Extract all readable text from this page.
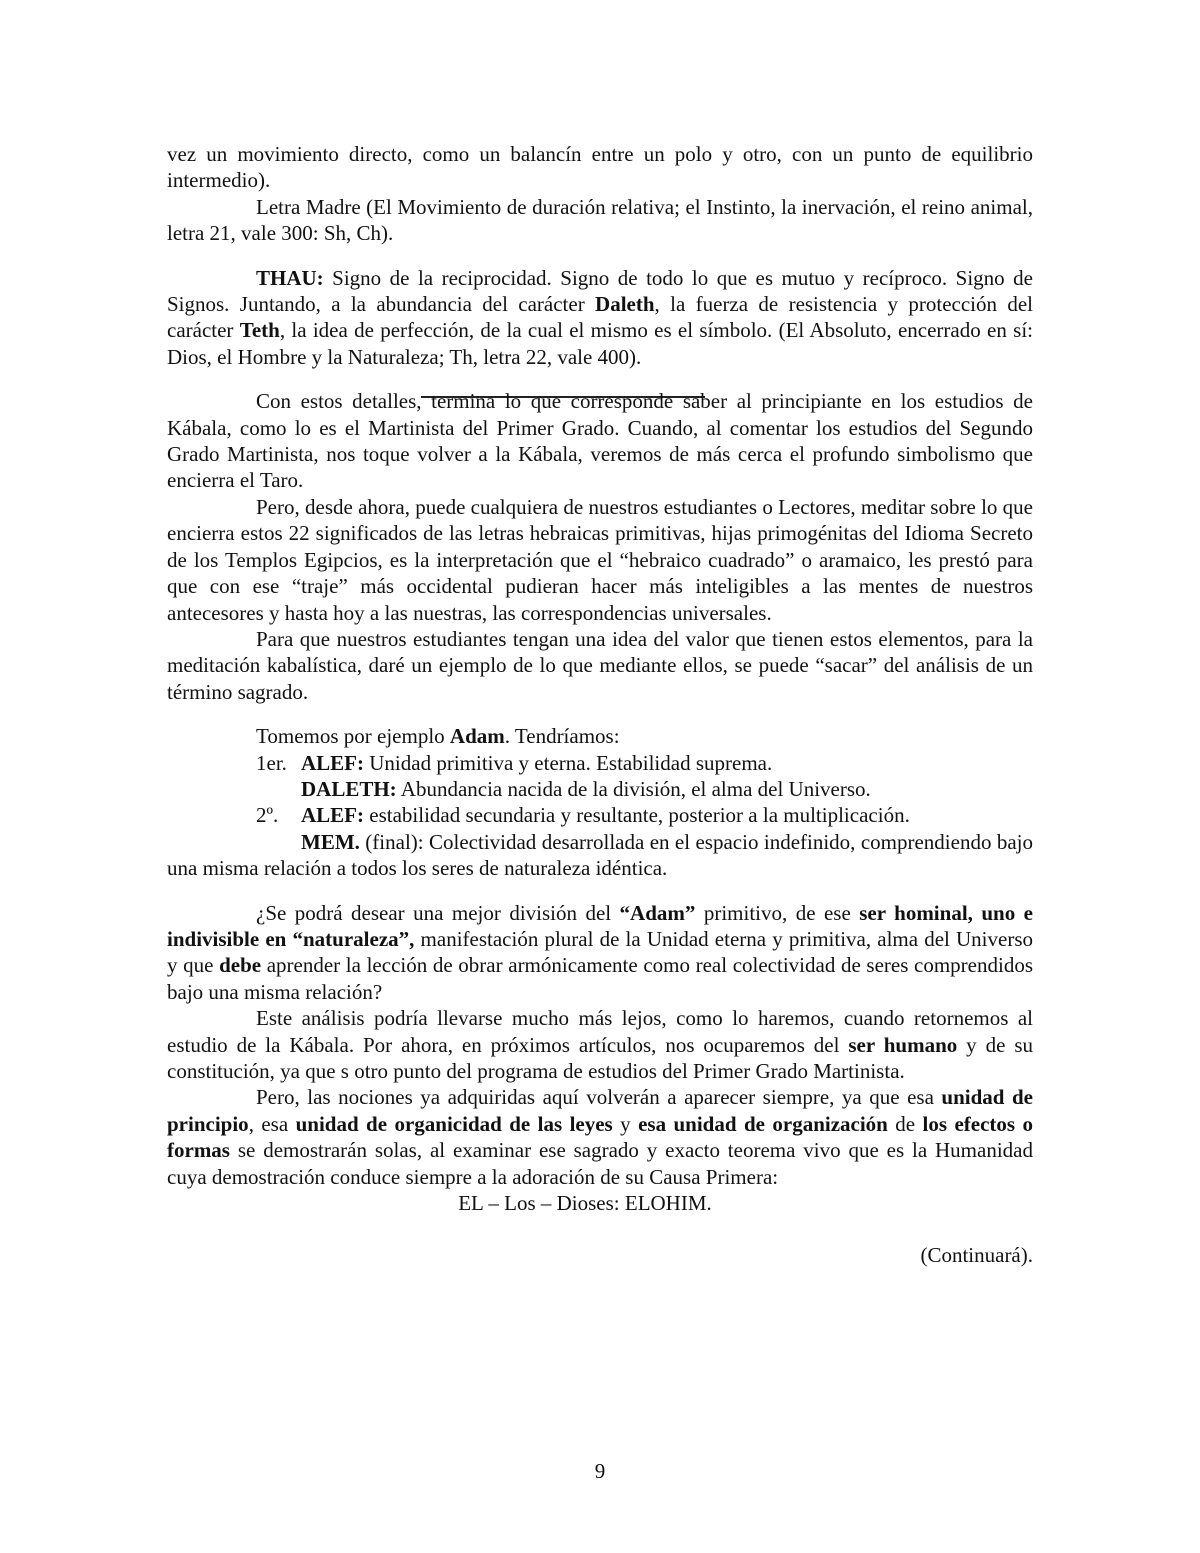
vez un movimiento directo, como un balancín entre un polo y otro, con un punto de equilibrio intermedio).

Letra Madre (El Movimiento de duración relativa; el Instinto, la inervación, el reino animal, letra 21, vale 300: Sh, Ch).

THAU: Signo de la reciprocidad. Signo de todo lo que es mutuo y recíproco. Signo de Signos. Juntando, a la abundancia del carácter Daleth, la fuerza de resistencia y protección del carácter Teth, la idea de perfección, de la cual el mismo es el símbolo. (El Absoluto, encerrado en sí: Dios, el Hombre y la Naturaleza; Th, letra 22, vale 400).

Con estos detalles, termina lo que corresponde saber al principiante en los estudios de Kábala, como lo es el Martinista del Primer Grado. Cuando, al comentar los estudios del Segundo Grado Martinista, nos toque volver a la Kábala, veremos de más cerca el profundo simbolismo que encierra el Taro.

Pero, desde ahora, puede cualquiera de nuestros estudiantes o Lectores, meditar sobre lo que encierra estos 22 significados de las letras hebraicas primitivas, hijas primogénitas del Idioma Secreto de los Templos Egipcios, es la interpretación que el “hebraico cuadrado” o aramaico, les prestó para que con ese “traje” más occidental pudieran hacer más inteligibles a las mentes de nuestros antecesores y hasta hoy a las nuestras, las correspondencias universales.

Para que nuestros estudiantes tengan una idea del valor que tienen estos elementos, para la meditación kabalística, daré un ejemplo de lo que mediante ellos, se puede “sacar” del análisis de un término sagrado.

Tomemos por ejemplo Adam. Tendríamos:
1er. ALEF: Unidad primitiva y eterna. Estabilidad suprema.
DALETH: Abundancia nacida de la división, el alma del Universo.
2º.	ALEF: estabilidad secundaria y resultante, posterior a la multiplicación.

MEM. (final): Colectividad desarrollada en el espacio indefinido, comprendiendo bajo una misma relación a todos los seres de naturaleza idéntica.

¿Se podrá desear una mejor división del “Adam” primitivo, de ese ser hominal, uno e indivisible en “naturaleza”, manifestación plural de la Unidad eterna y primitiva, alma del Universo y que debe aprender la lección de obrar armónicamente como real colectividad de seres comprendidos bajo una misma relación?

Este análisis podría llevarse mucho más lejos, como lo haremos, cuando retornemos al estudio de la Kábala. Por ahora, en próximos artículos, nos ocuparemos del ser humano y de su constitución, ya que s otro punto del programa de estudios del Primer Grado Martinista.

Pero, las nociones ya adquiridas aquí volverán a aparecer siempre, ya que esa unidad de principio, esa unidad de organicidad de las leyes y esa unidad de organización de los efectos o formas se demostrarán solas, al examinar ese sagrado y exacto teorema vivo que es la Humanidad cuya demostración conduce siempre a la adoración de su Causa Primera:

EL – Los – Dioses: ELOHIM.

(Continuará).

9
